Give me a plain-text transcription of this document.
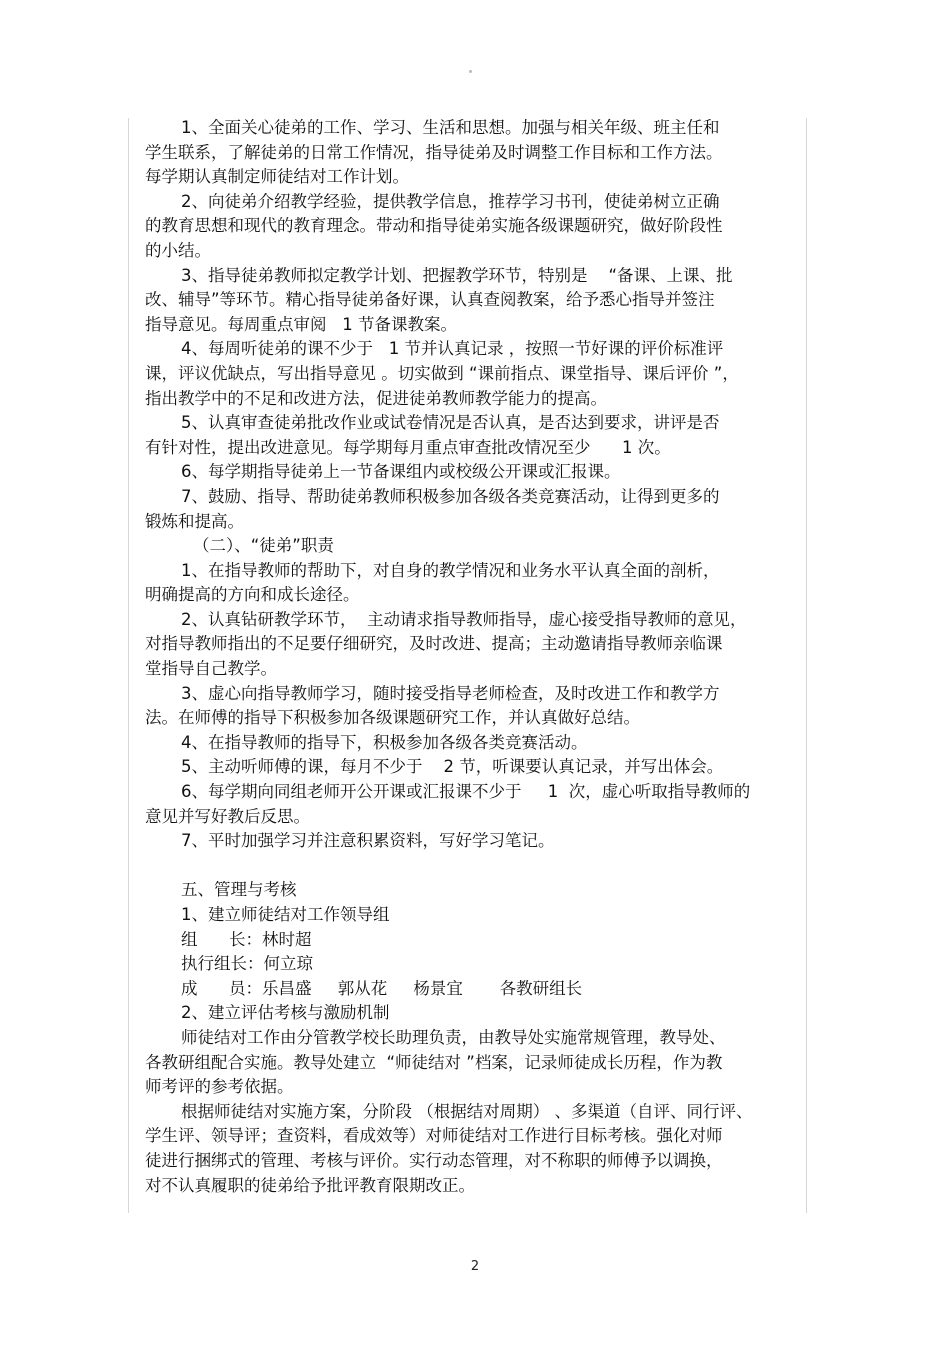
1、全面关心徒弟的工作、学习、生活和思想。加强与相关年级、班主任和

学生联系，了解徒弟的日常工作情况，指导徒弟及时调整工作目标和工作方法。

每学期认真制定师徒结对工作计划。

2、向徒弟介绍教学经验，提供教学信息，推荐学习书刊，使徒弟树立正确

的教育思想和现代的教育理念。带动和指导徒弟实施各级课题研究，做好阶段性

的小结。

3、指导徒弟教师拟定教学计划、把握教学环节，特别是    “备课、上课、批

改、辅导”等环节。精心指导徒弟备好课，认真查阅教案，给予悉心指导并签注

指导意见。每周重点审阅   1 节备课教案。

4、每周听徒弟的课不少于   1 节并认真记录 ，按照一节好课的评价标准评

课，评议优缺点，写出指导意见 。切实做到 “课前指点、课堂指导、课后评价 ”，

指出教学中的不足和改进方法，促进徒弟教师教学能力的提高。

5、认真审查徒弟批改作业或试卷情况是否认真，是否达到要求，讲评是否

有针对性，提出改进意见。每学期每月重点审查批改情况至少      1 次。

6、每学期指导徒弟上一节备课组内或校级公开课或汇报课。

7、鼓励、指导、帮助徒弟教师积极参加各级各类竞赛活动，让得到更多的

锻炼和提高。

（二）、“徒弟”职责

1、在指导教师的帮助下，对自身的教学情况和业务水平认真全面的剖析，

明确提高的方向和成长途径。

2、认真钻研教学环节，  主动请求指导教师指导，虚心接受指导教师的意见，

对指导教师指出的不足要仔细研究，及时改进、提高；主动邀请指导教师亲临课

堂指导自己教学。

3、虚心向指导教师学习，随时接受指导老师检查，及时改进工作和教学方

法。在师傅的指导下积极参加各级课题研究工作，并认真做好总结。

4、在指导教师的指导下，积极参加各级各类竞赛活动。

5、主动听师傅的课，每月不少于    2 节，听课要认真记录，并写出体会。

6、每学期向同组老师开公开课或汇报课不少于     1  次，虚心听取指导教师的

意见并写好教后反思。

7、平时加强学习并注意积累资料，写好学习笔记。

五、管理与考核

1、建立师徒结对工作领导组

组      长：林时超

执行组长：何立琼

成      员：乐昌盛     郭从花     杨景宜       各教研组长

2、建立评估考核与激励机制

师徒结对工作由分管教学校长助理负责，由教导处实施常规管理，教导处、

各教研组配合实施。教导处建立  “师徒结对 ”档案，记录师徒成长历程，作为教

师考评的参考依据。

根据师徒结对实施方案，分阶段 （根据结对周期） 、多渠道（自评、同行评、

学生评、领导评；查资料，看成效等）对师徒结对工作进行目标考核。强化对师

徒进行捆绑式的管理、考核与评价。实行动态管理，对不称职的师傅予以调换，

对不认真履职的徒弟给予批评教育限期改正。

2
